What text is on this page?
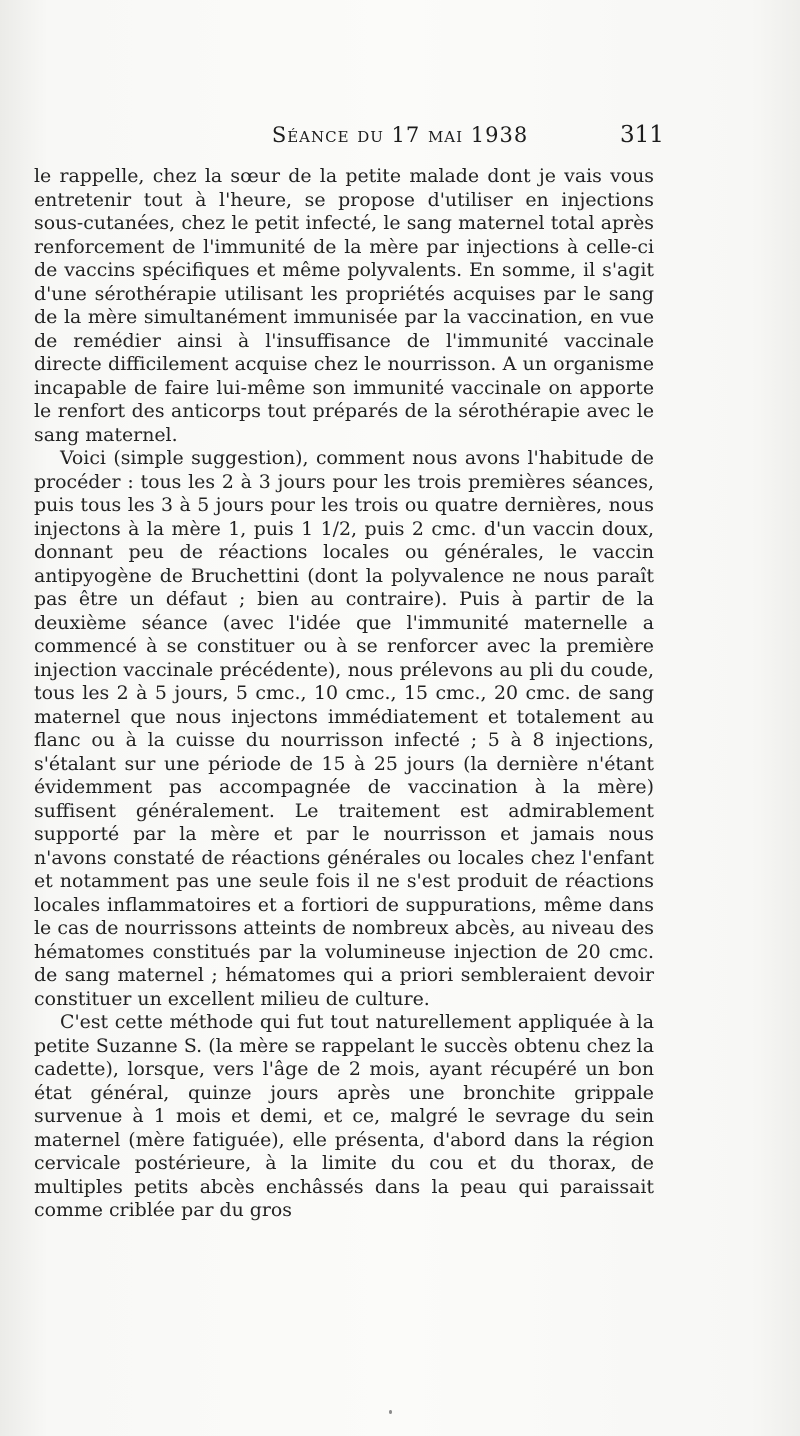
Séance du 17 mai 1938	311

le rappelle, chez la sœur de la petite malade dont je vais vous entretenir tout à l'heure, se propose d'utiliser en injections sous-cutanées, chez le petit infecté, le sang maternel total après renforcement de l'immunité de la mère par injections à celle-ci de vaccins spécifiques et même polyvalents. En somme, il s'agit d'une sérothérapie utilisant les propriétés acquises par le sang de la mère simultanément immunisée par la vaccination, en vue de remédier ainsi à l'insuffisance de l'immunité vaccinale directe difficilement acquise chez le nourrisson. A un organisme incapable de faire lui-même son immunité vaccinale on apporte le renfort des anticorps tout préparés de la sérothérapie avec le sang maternel.

Voici (simple suggestion), comment nous avons l'habitude de procéder : tous les 2 à 3 jours pour les trois premières séances, puis tous les 3 à 5 jours pour les trois ou quatre dernières, nous injectons à la mère 1, puis 1 1/2, puis 2 cmc. d'un vaccin doux, donnant peu de réactions locales ou générales, le vaccin antipyogène de Bruchettini (dont la polyvalence ne nous paraît pas être un défaut ; bien au contraire). Puis à partir de la deuxième séance (avec l'idée que l'immunité maternelle a commencé à se constituer ou à se renforcer avec la première injection vaccinale précédente), nous prélevons au pli du coude, tous les 2 à 5 jours, 5 cmc., 10 cmc., 15 cmc., 20 cmc. de sang maternel que nous injectons immédiatement et totalement au flanc ou à la cuisse du nourrisson infecté ; 5 à 8 injections, s'étalant sur une période de 15 à 25 jours (la dernière n'étant évidemment pas accompagnée de vaccination à la mère) suffisent généralement. Le traitement est admirablement supporté par la mère et par le nourrisson et jamais nous n'avons constaté de réactions générales ou locales chez l'enfant et notamment pas une seule fois il ne s'est produit de réactions locales inflammatoires et a fortiori de suppurations, même dans le cas de nourrissons atteints de nombreux abcès, au niveau des hématomes constitués par la volumineuse injection de 20 cmc. de sang maternel ; hématomes qui a priori sembleraient devoir constituer un excellent milieu de culture.

C'est cette méthode qui fut tout naturellement appliquée à la petite Suzanne S. (la mère se rappelant le succès obtenu chez la cadette), lorsque, vers l'âge de 2 mois, ayant récupéré un bon état général, quinze jours après une bronchite grippale survenue à 1 mois et demi, et ce, malgré le sevrage du sein maternel (mère fatiguée), elle présenta, d'abord dans la région cervicale postérieure, à la limite du cou et du thorax, de multiples petits abcès enchâssés dans la peau qui paraissait comme criblée par du gros
